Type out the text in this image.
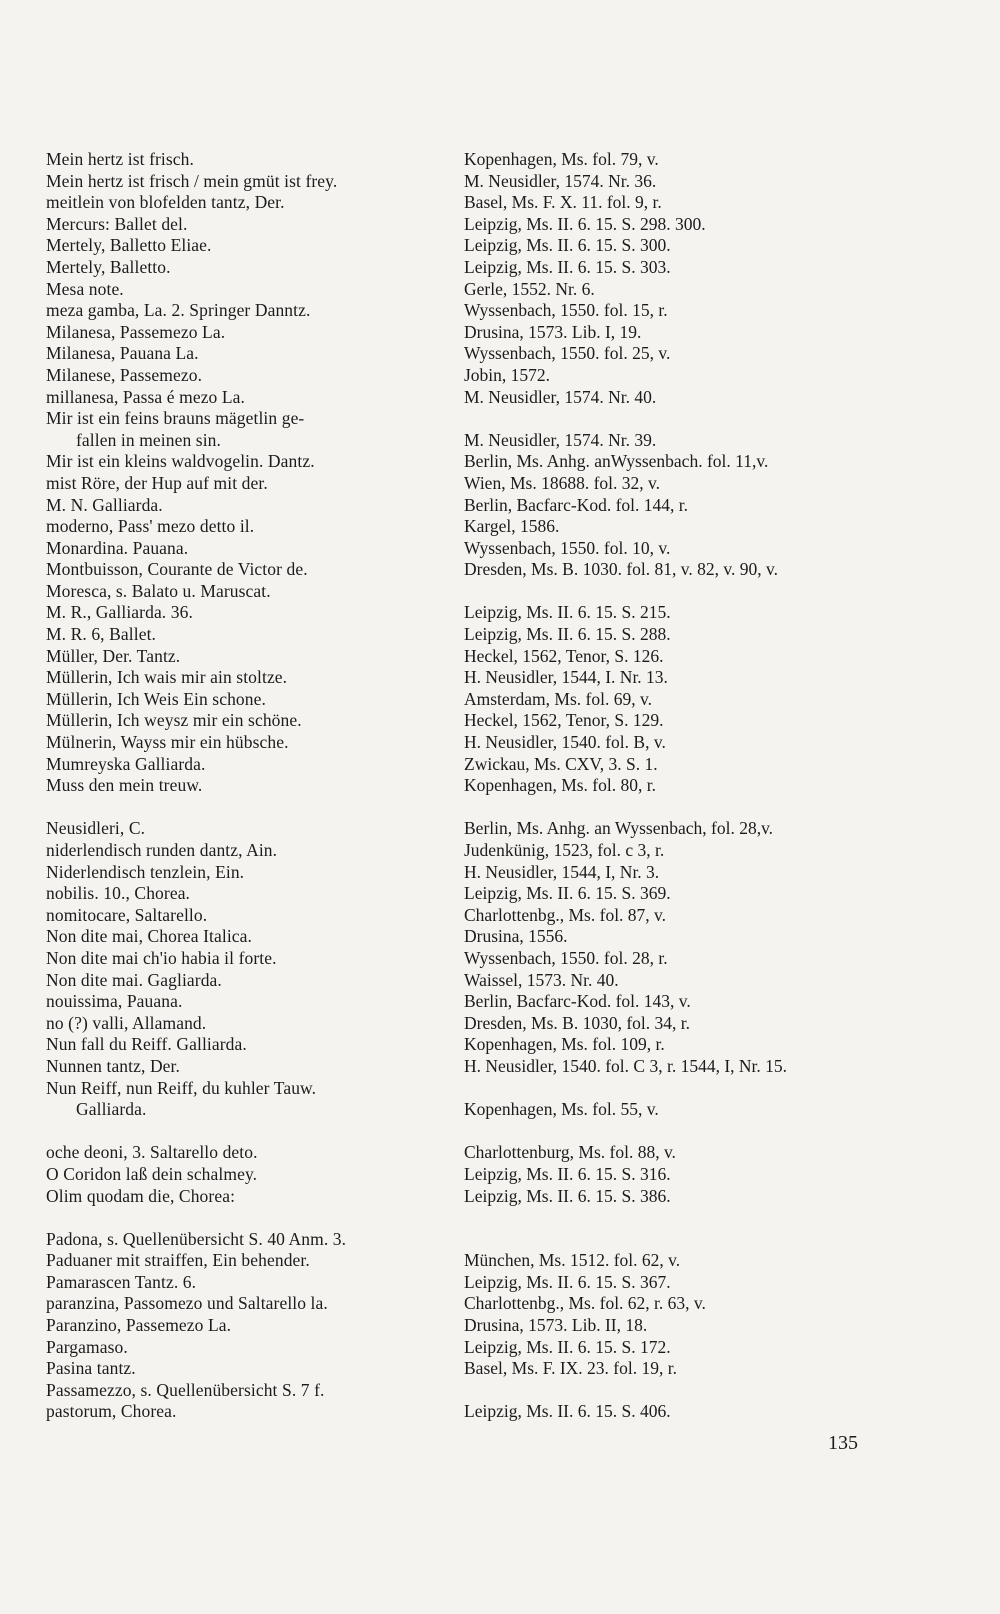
Mein hertz ist frisch.	Kopenhagen, Ms. fol. 79, v.
Mein hertz ist frisch / mein gmüt ist frey.	M. Neusidler, 1574. Nr. 36.
meitlein von blofelden tantz, Der.	Basel, Ms. F. X. 11. fol. 9, r.
Mercurs: Ballet del.	Leipzig, Ms. II. 6. 15. S. 298. 300.
Mertely, Balletto Eliae.	Leipzig, Ms. II. 6. 15. S. 300.
Mertely, Balletto.	Leipzig, Ms. II. 6. 15. S. 303.
Mesa note.	Gerle, 1552. Nr. 6.
meza gamba, La. 2. Springer Danntz.	Wyssenbach, 1550. fol. 15, r.
Milanesa, Passemezo La.	Drusina, 1573. Lib. I, 19.
Milanesa, Pauana La.	Wyssenbach, 1550. fol. 25, v.
Milanese, Passemezo.	Jobin, 1572.
millanesa, Passa é mezo La.	M. Neusidler, 1574. Nr. 40.
Mir ist ein feins brauns mägetlin ge-
fallen in meinen sin.	M. Neusidler, 1574. Nr. 39.
Mir ist ein kleins waldvogelin. Dantz.	Berlin, Ms. Anhg. anWyssenbach. fol. 11,v.
mist Röre, der Hup auf mit der.	Wien, Ms. 18688. fol. 32, v.
M. N. Galliarda.	Berlin, Bacfarc-Kod. fol. 144, r.
moderno, Pass' mezo detto il.	Kargel, 1586.
Monardina. Pauana.	Wyssenbach, 1550. fol. 10, v.
Montbuisson, Courante de Victor de.	Dresden, Ms. B. 1030. fol. 81, v. 82, v. 90, v.
Moresca, s. Balato u. Maruscat.
M. R., Galliarda. 36.	Leipzig, Ms. II. 6. 15. S. 215.
M. R. 6, Ballet.	Leipzig, Ms. II. 6. 15. S. 288.
Müller, Der. Tantz.	Heckel, 1562, Tenor, S. 126.
Müllerin, Ich wais mir ain stoltze.	H. Neusidler, 1544, I. Nr. 13.
Müllerin, Ich Weis Ein schone.	Amsterdam, Ms. fol. 69, v.
Müllerin, Ich weysz mir ein schöne.	Heckel, 1562, Tenor, S. 129.
Mülnerin, Wayss mir ein hübsche.	H. Neusidler, 1540. fol. B, v.
Mumreyska Galliarda.	Zwickau, Ms. CXV, 3. S. 1.
Muss den mein treuw.	Kopenhagen, Ms. fol. 80, r.
Neusidleri, C.	Berlin, Ms. Anhg. an Wyssenbach, fol. 28,v.
niderlendisch runden dantz, Ain.	Judenkünig, 1523, fol. c 3, r.
Niderlendisch tenzlein, Ein.	H. Neusidler, 1544, I, Nr. 3.
nobilis. 10., Chorea.	Leipzig, Ms. II. 6. 15. S. 369.
nomitocare, Saltarello.	Charlottenbg., Ms. fol. 87, v.
Non dite mai, Chorea Italica.	Drusina, 1556.
Non dite mai ch'io habia il forte.	Wyssenbach, 1550. fol. 28, r.
Non dite mai. Gagliarda.	Waissel, 1573. Nr. 40.
nouissima, Pauana.	Berlin, Bacfarc-Kod. fol. 143, v.
no (?) valli, Allamand.	Dresden, Ms. B. 1030, fol. 34, r.
Nun fall du Reiff. Galliarda.	Kopenhagen, Ms. fol. 109, r.
Nunnen tantz, Der.	H. Neusidler, 1540. fol. C 3, r. 1544, I, Nr. 15.
Nun Reiff, nun Reiff, du kuhler Tauw.
Galliarda.	Kopenhagen, Ms. fol. 55, v.
oche deoni, 3. Saltarello deto.	Charlottenburg, Ms. fol. 88, v.
O Coridon laß dein schalmey.	Leipzig, Ms. II. 6. 15. S. 316.
Olim quodam die, Chorea:	Leipzig, Ms. II. 6. 15. S. 386.
Padona, s. Quellenübersicht S. 40 Anm. 3.
Paduaner mit straiffen, Ein behender.	München, Ms. 1512. fol. 62, v.
Pamarascen Tantz. 6.	Leipzig, Ms. II. 6. 15. S. 367.
paranzina, Passomezo und Saltarello la.	Charlottenbg., Ms. fol. 62, r. 63, v.
Paranzino, Passemezo La.	Drusina, 1573. Lib. II, 18.
Pargamaso.	Leipzig, Ms. II. 6. 15. S. 172.
Pasina tantz.	Basel, Ms. F. IX. 23. fol. 19, r.
Passamezzo, s. Quellenübersicht S. 7 f.
pastorum, Chorea.	Leipzig, Ms. II. 6. 15. S. 406.
135
